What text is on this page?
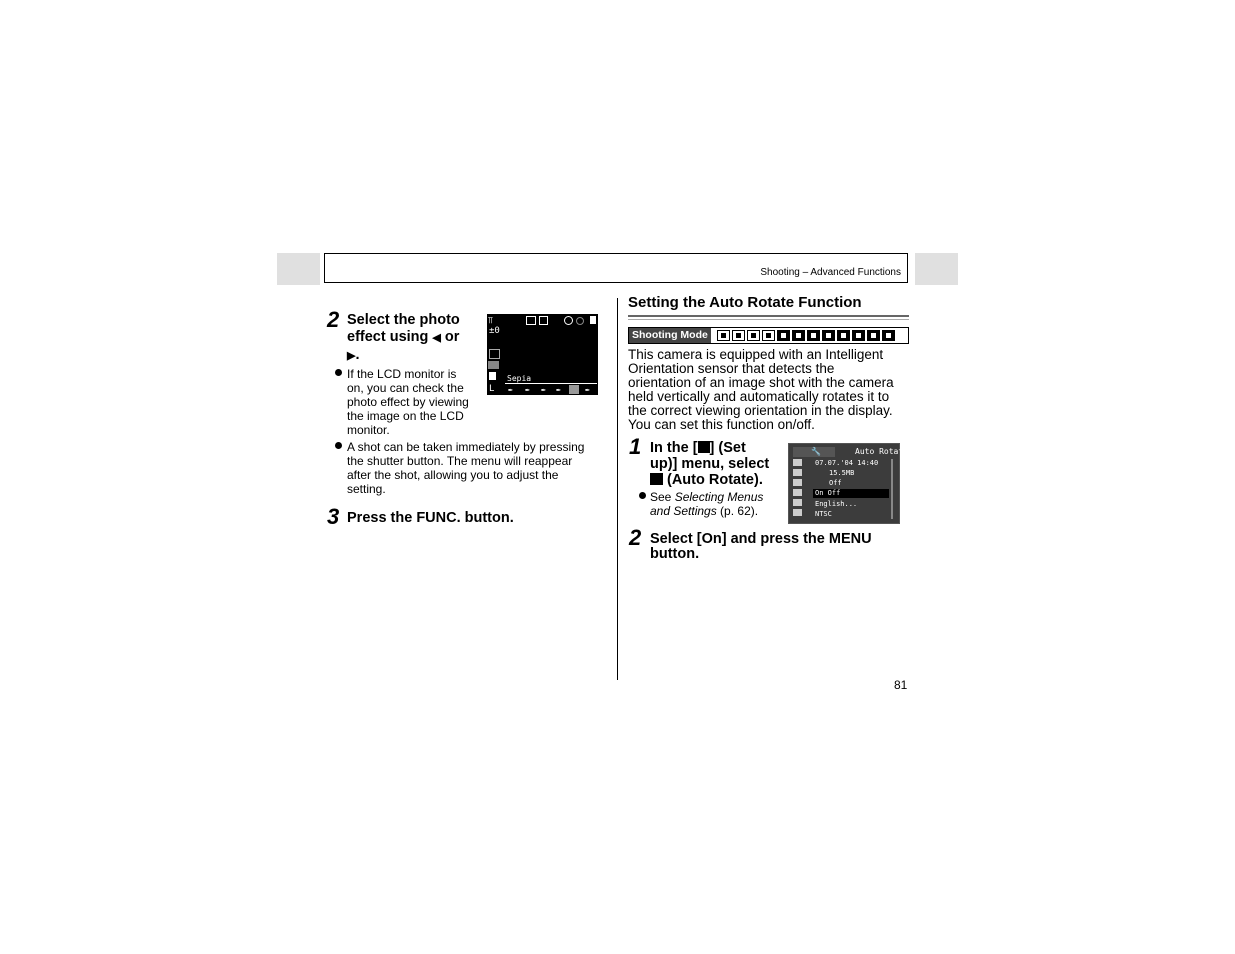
Shooting – Advanced Functions
2 Select the photo
effect using ◀ or
▶.
⫪
±0
Sepia
L ✒ ✒ ✒ ✒	✒
If the LCD monitor is
on, you can check the
photo effect by viewing
the image on the LCD
monitor.
A shot can be taken immediately by pressing
the shutter button. The menu will reappear
after the shot, allowing you to adjust the
setting.
3 Press the FUNC. button.
Setting the Auto Rotate Function
Shooting Mode
This camera is equipped with an Intelligent
Orientation sensor that detects the
orientation of an image shot with the camera
held vertically and automatically rotates it to
the correct viewing orientation in the display.
You can set this function on/off.
1 In the [ ] (Set
up)] menu, select
(Auto Rotate).
See Selecting Menus
and Settings (p. 62).
🔧	Auto Rotate
07.07.'04 14:40
15.5MB
Off
On Off
English...
NTSC
2 Select [On] and press the MENU
button.
81
